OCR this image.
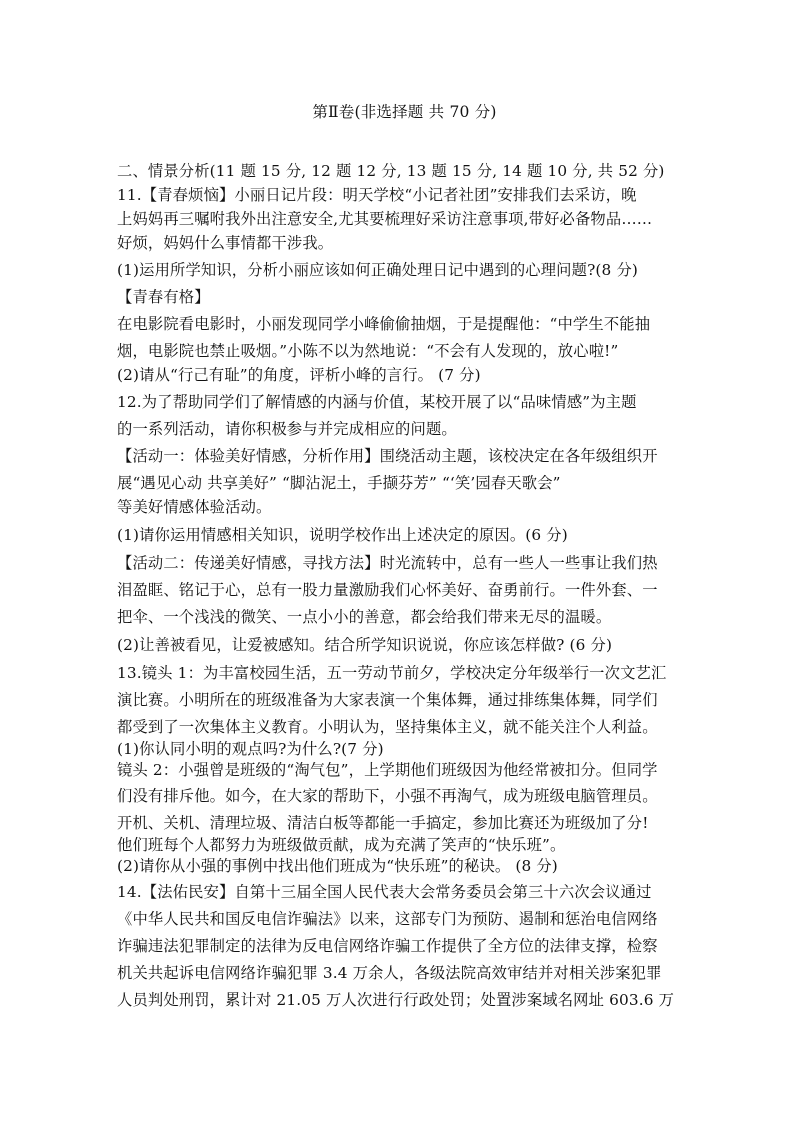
第Ⅱ卷(非选择题 共 70 分)

二、情景分析(11 题 15 分, 12 题 12 分, 13 题 15 分, 14 题 10 分, 共 52 分)

11.【青春烦恼】小丽日记片段：明天学校“小记者社团”安排我们去采访，晚

上妈妈再三嘱咐我外出注意安全,尤其要梳理好采访注意事项,带好必备物品……

好烦，妈妈什么事情都干涉我。

(1)运用所学知识，分析小丽应该如何正确处理日记中遇到的心理问题?(8 分)

【青春有格】

在电影院看电影时，小丽发现同学小峰偷偷抽烟，于是提醒他：“中学生不能抽

烟，电影院也禁止吸烟。”小陈不以为然地说：“不会有人发现的，放心啦!”

(2)请从“行己有耻”的角度，评析小峰的言行。 (7 分)

12.为了帮助同学们了解情感的内涵与价值，某校开展了以“品味情感”为主题

的一系列活动，请你积极参与并完成相应的问题。

【活动一：体验美好情感，分析作用】围绕活动主题，该校决定在各年级组织开

展“遇见心动 共享美好” “脚沾泥土，手撷芬芳” “‘笑’园春天歌会”

等美好情感体验活动。

(1)请你运用情感相关知识，说明学校作出上述决定的原因。(6 分)

【活动二：传递美好情感，寻找方法】时光流转中，总有一些人一些事让我们热

泪盈眶、铭记于心，总有一股力量激励我们心怀美好、奋勇前行。一件外套、一

把伞、一个浅浅的微笑、一点小小的善意，都会给我们带来无尽的温暖。

(2)让善被看见，让爱被感知。结合所学知识说说，你应该怎样做? (6 分)

13.镜头 1：为丰富校园生活，五一劳动节前夕，学校决定分年级举行一次文艺汇

演比赛。小明所在的班级准备为大家表演一个集体舞，通过排练集体舞，同学们

都受到了一次集体主义教育。小明认为，坚持集体主义，就不能关注个人利益。

(1)你认同小明的观点吗?为什么?(7 分)

镜头 2：小强曾是班级的“淘气包”，上学期他们班级因为他经常被扣分。但同学

们没有排斥他。如今，在大家的帮助下，小强不再淘气，成为班级电脑管理员。

开机、关机、清理垃圾、清洁白板等都能一手搞定，参加比赛还为班级加了分!

他们班每个人都努力为班级做贡献，成为充满了笑声的“快乐班”。

(2)请你从小强的事例中找出他们班成为“快乐班”的秘诀。 (8 分)

14.【法佑民安】自第十三届全国人民代表大会常务委员会第三十六次会议通过

《中华人民共和国反电信诈骗法》以来，这部专门为预防、遏制和惩治电信网络

诈骗违法犯罪制定的法律为反电信网络诈骗工作提供了全方位的法律支撑，检察

机关共起诉电信网络诈骗犯罪 3.4 万余人，各级法院高效审结并对相关涉案犯罪

人员判处刑罚，累计对 21.05 万人次进行行政处罚；处置涉案域名网址 603.6 万
